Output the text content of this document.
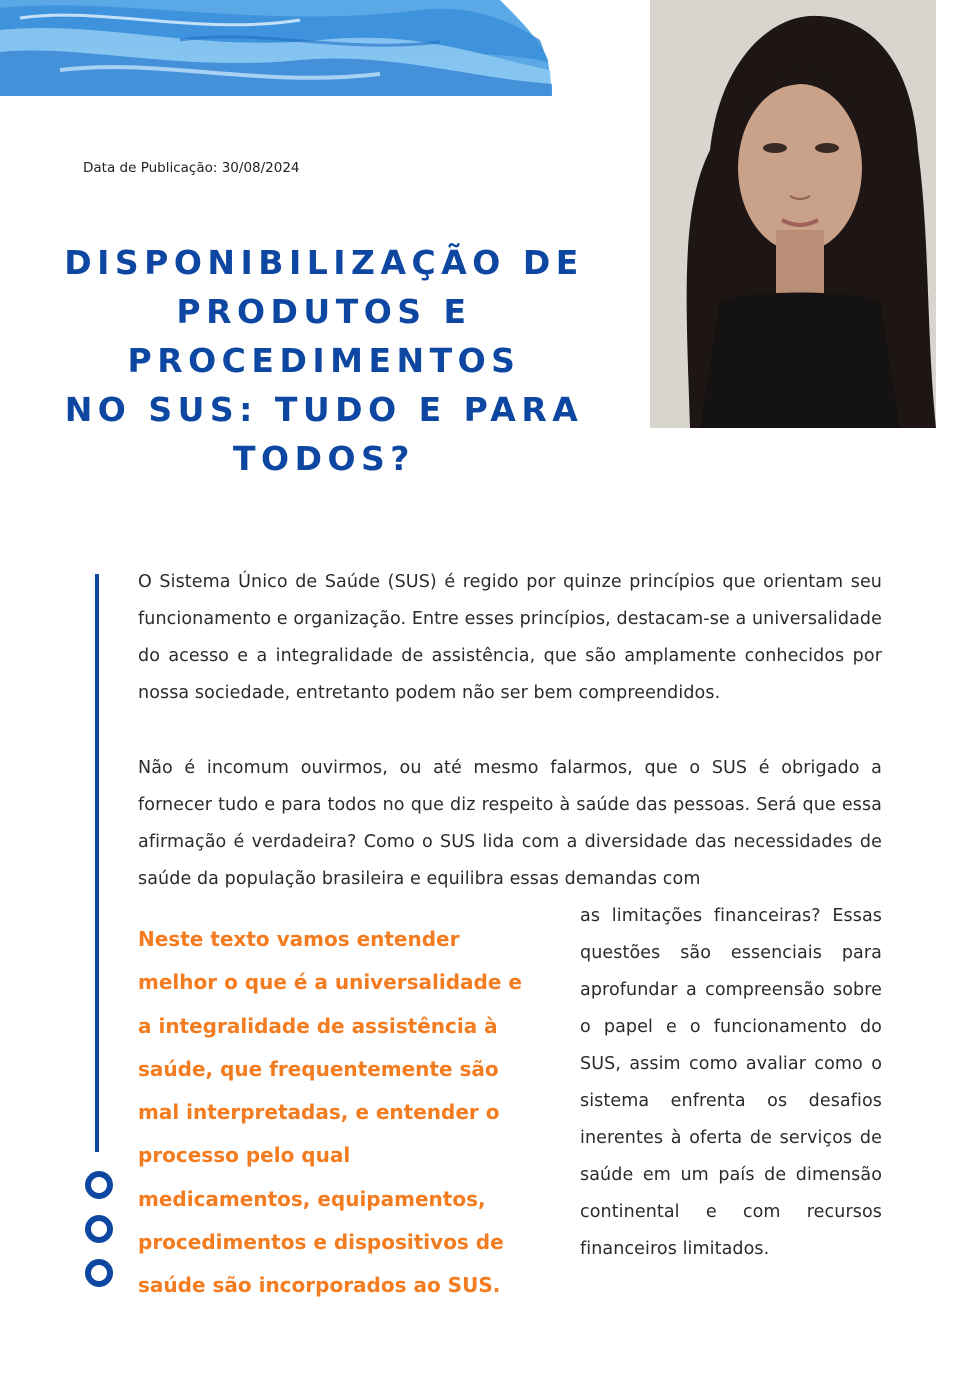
Data de Publicação: 30/08/2024
DISPONIBILIZAÇÃO DE
PRODUTOS E PROCEDIMENTOS
NO SUS: TUDO E PARA
TODOS?

O Sistema Único de Saúde (SUS) é regido por quinze princípios que orientam seu funcionamento e organização. Entre esses princípios, destacam-se a universalidade do acesso e a integralidade de assistência, que são amplamente conhecidos por nossa sociedade, entretanto podem não ser bem compreendidos.

Não é incomum ouvirmos, ou até mesmo falarmos, que o SUS é obrigado a fornecer tudo e para todos no que diz respeito à saúde das pessoas. Será que essa afirmação é verdadeira? Como o SUS lida com a diversidade das necessidades de saúde da população brasileira e equilibra essas demandas com

as limitações financeiras? Essas questões são essenciais para aprofundar a compreensão sobre o papel e o funcionamento do SUS, assim como avaliar como o sistema enfrenta os desafios inerentes à oferta de serviços de saúde em um país de dimensão continental e com recursos financeiros limitados.

Neste texto vamos entender
melhor o que é a universalidade e
a integralidade de assistência à
saúde, que frequentemente são
mal interpretadas, e entender o
processo pelo qual
medicamentos, equipamentos,
procedimentos e dispositivos de
saúde são incorporados ao SUS.
